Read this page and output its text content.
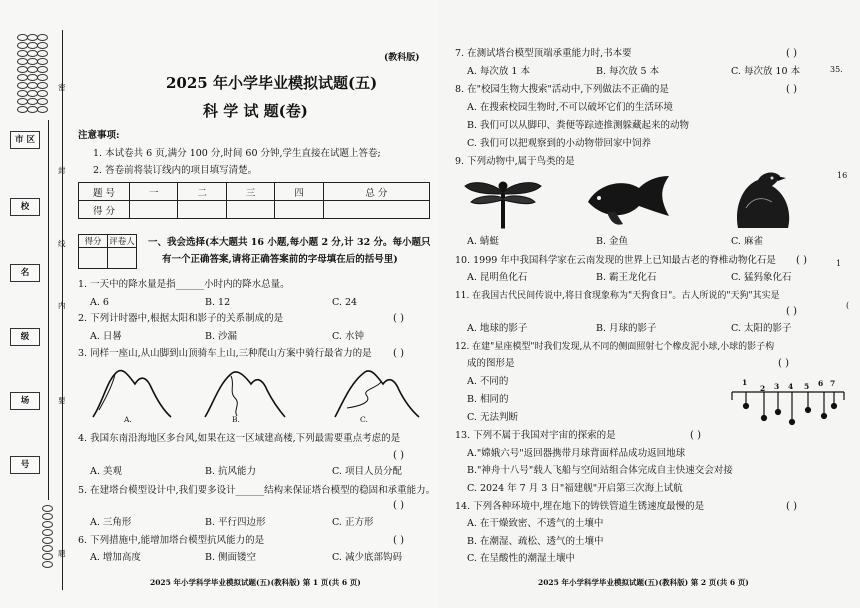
市 区
校
名
级
场
号
密
封
线
内
要
题
(教科版)
2025 年小学毕业模拟试题(五)
科 学 试 题(卷)
注意事项:
1. 本试卷共 6 页,满分 100 分,时间 60 分钟,学生直接在试题上答卷;
2. 答卷前将装订线内的项目填写清楚。
题 号	一	二	三	四	总 分
得 分					
得分	评卷人
	一、我会选择(本大题共 16 小题,每小题 2 分,计 32 分。每小题只
有一个正确答案,请将正确答案前的字母填在后的括号里)
1. 一天中的降水量是指______小时内的降水总量。
A. 6	B. 12	C. 24
2. 下列计时器中,根据太阳和影子的关系制成的是	( )
A. 日晷	B. 沙漏	C. 水钟
3. 同样一座山,从山脚到山顶骑车上山,三种爬山方案中骑行最省力的是 ( )
A.	B.	C.
4. 我国东南沿海地区多台风,如果在这一区域建高楼,下列最需要重点考虑的是
( )
A. 美观	B. 抗风能力	C. 项目人员分配
5. 在建塔台模型设计中,我们要多设计______结构来保证塔台模型的稳固和承重能力。
( )
A. 三角形	B. 平行四边形	C. 正方形
6. 下列措施中,能增加塔台模型抗风能力的是	( )
A. 增加高度	B. 侧面镂空	C. 减少底部钩码
2025 年小学科学毕业模拟试题(五)(教科版) 第 1 页(共 6 页)
7. 在测试塔台模型顶端承重能力时,书本要	( )
A. 每次放 1 本	B. 每次放 5 本	C. 每次放 10 本
8. 在"校园生物大搜索"活动中,下列做法不正确的是	( )
A. 在搜索校园生物时,不可以破坏它们的生活环境
B. 我们可以从脚印、粪便等踪迹推测躲藏起来的动物
C. 我们可以把观察到的小动物带回家中饲养
9. 下列动物中,属于鸟类的是
A. 蜻蜓	B. 金鱼	C. 麻雀
10. 1999 年中我国科学家在云南发现的世界上已知最古老的脊椎动物化石是 ( )
A. 昆明鱼化石	B. 霸王龙化石	C. 猛犸象化石
11. 在我国古代民间传说中,将日食现象称为"天狗食日"。古人所说的"天狗"其实是
( )
A. 地球的影子	B. 月球的影子	C. 太阳的影子
12. 在建"星座模型"时我们发现,从不同的侧面照射七个橡皮泥小球,小球的影子构
成的图形是	( )
A. 不同的
B. 相同的
C. 无法判断
1
2 3 4 5 6 7
13. 下列不属于我国对宇宙的探索的是	( )
A."嫦娥六号"返回器携带月球背面样品成功返回地球
B."神舟十八号"载人飞船与空间站组合体完成自主快速交会对接
C. 2024 年 7 月 3 日"福建舰"开启第三次海上试航
14. 下列各种环境中,埋在地下的铸铁管道生锈速度最慢的是	( )
A. 在干燥致密、不透气的土壤中
B. 在潮湿、疏松、透气的土壤中
C. 在呈酸性的潮湿土壤中
2025 年小学科学毕业模拟试题(五)(教科版) 第 2 页(共 6 页)
35.
16
1
(
